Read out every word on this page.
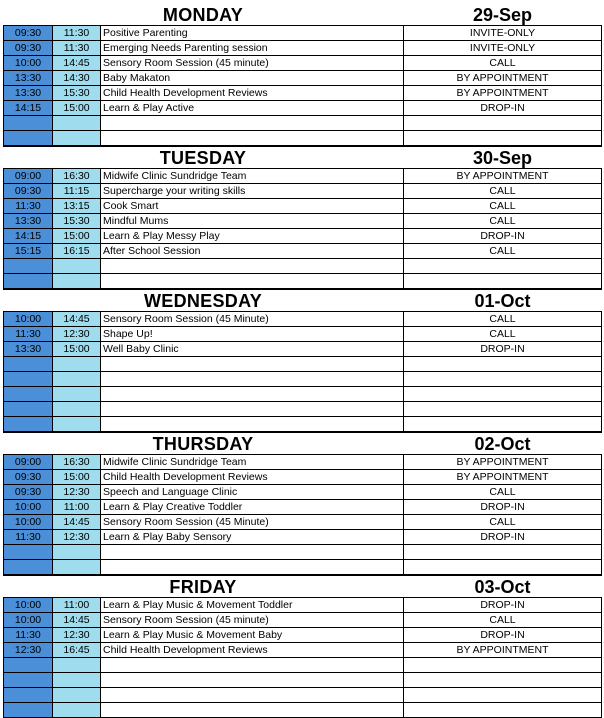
MONDAY	29-Sep
09:30	11:30	Positive Parenting	INVITE-ONLY
09:30	11:30	Emerging Needs Parenting session	INVITE-ONLY
10:00	14:45	Sensory Room Session (45 minute)	CALL
13:30	14:30	Baby Makaton	BY APPOINTMENT
13:30	15:30	Child Health Development Reviews	BY APPOINTMENT
14:15	15:00	Learn & Play Active	DROP-IN
TUESDAY	30-Sep
09:00	16:30	Midwife Clinic Sundridge Team	BY APPOINTMENT
09:30	11:15	Supercharge your writing skills	CALL
11:30	13:15	Cook Smart	CALL
13:30	15:30	Mindful Mums	CALL
14:15	15:00	Learn & Play Messy Play	DROP-IN
15:15	16:15	After School Session	CALL
WEDNESDAY	01-Oct
10:00	14:45	Sensory Room Session (45 Minute)	CALL
11:30	12:30	Shape Up!	CALL
13:30	15:00	Well Baby Clinic	DROP-IN
THURSDAY	02-Oct
09:00	16:30	Midwife Clinic Sundridge Team	BY APPOINTMENT
09:30	15:00	Child Health Development Reviews	BY APPOINTMENT
09:30	12:30	Speech and Language Clinic	CALL
10:00	11:00	Learn & Play Creative Toddler	DROP-IN
10:00	14:45	Sensory Room Session (45 Minute)	CALL
11:30	12:30	Learn & Play Baby Sensory	DROP-IN
FRIDAY	03-Oct
10:00	11:00	Learn & Play Music & Movement Toddler	DROP-IN
10:00	14:45	Sensory Room Session (45 minute)	CALL
11:30	12:30	Learn & Play Music & Movement Baby	DROP-IN
12:30	16:45	Child Health Development Reviews	BY APPOINTMENT
